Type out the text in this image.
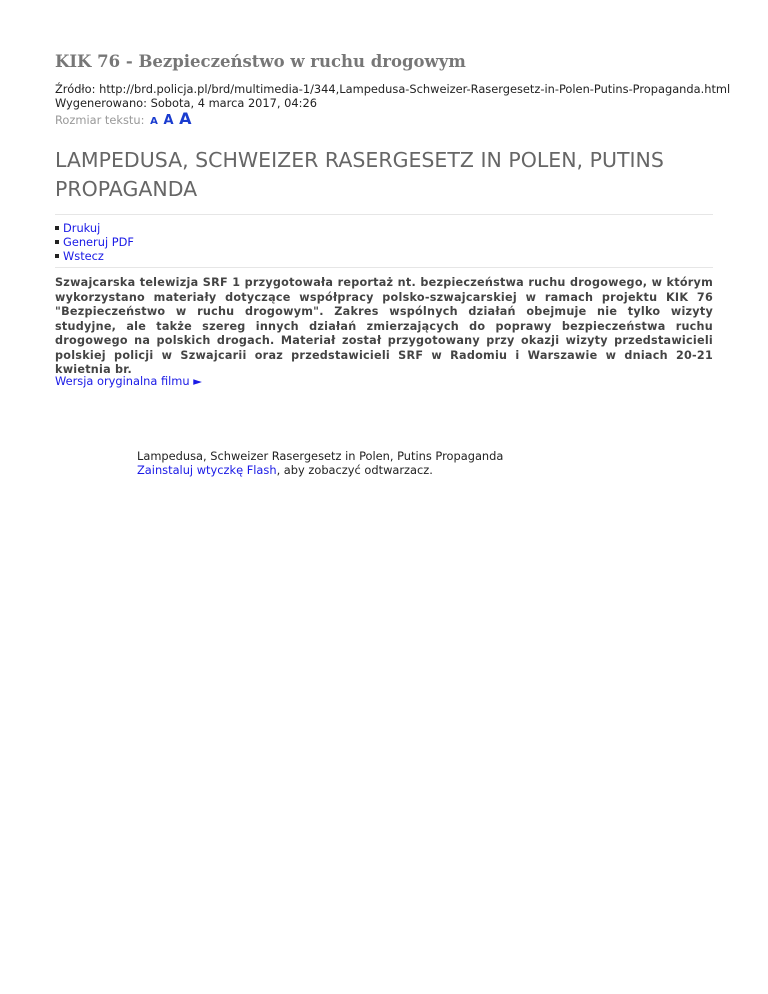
KIK 76 - Bezpieczeństwo w ruchu drogowym
Źródło: http://brd.policja.pl/brd/multimedia-1/344,Lampedusa-Schweizer-Rasergesetz-in-Polen-Putins-Propaganda.html
Wygenerowano: Sobota, 4 marca 2017, 04:26
Rozmiar tekstu: A A A
LAMPEDUSA, SCHWEIZER RASERGESETZ IN POLEN, PUTINS PROPAGANDA
Drukuj
Generuj PDF
Wstecz

Szwajcarska telewizja SRF 1 przygotowała reportaż nt. bezpieczeństwa ruchu drogowego, w którym wykorzystano materiały dotyczące współpracy polsko-szwajcarskiej w ramach projektu KIK 76 "Bezpieczeństwo w ruchu drogowym". Zakres wspólnych działań obejmuje nie tylko wizyty studyjne, ale także szereg innych działań zmierzających do poprawy bezpieczeństwa ruchu drogowego na polskich drogach. Materiał został przygotowany przy okazji wizyty przedstawicieli polskiej policji w Szwajcarii oraz przedstawicieli SRF w Radomiu i Warszawie w dniach 20-21 kwietnia br.

Wersja oryginalna filmu ►
Lampedusa, Schweizer Rasergesetz in Polen, Putins Propaganda
Zainstaluj wtyczkę Flash, aby zobaczyć odtwarzacz.
